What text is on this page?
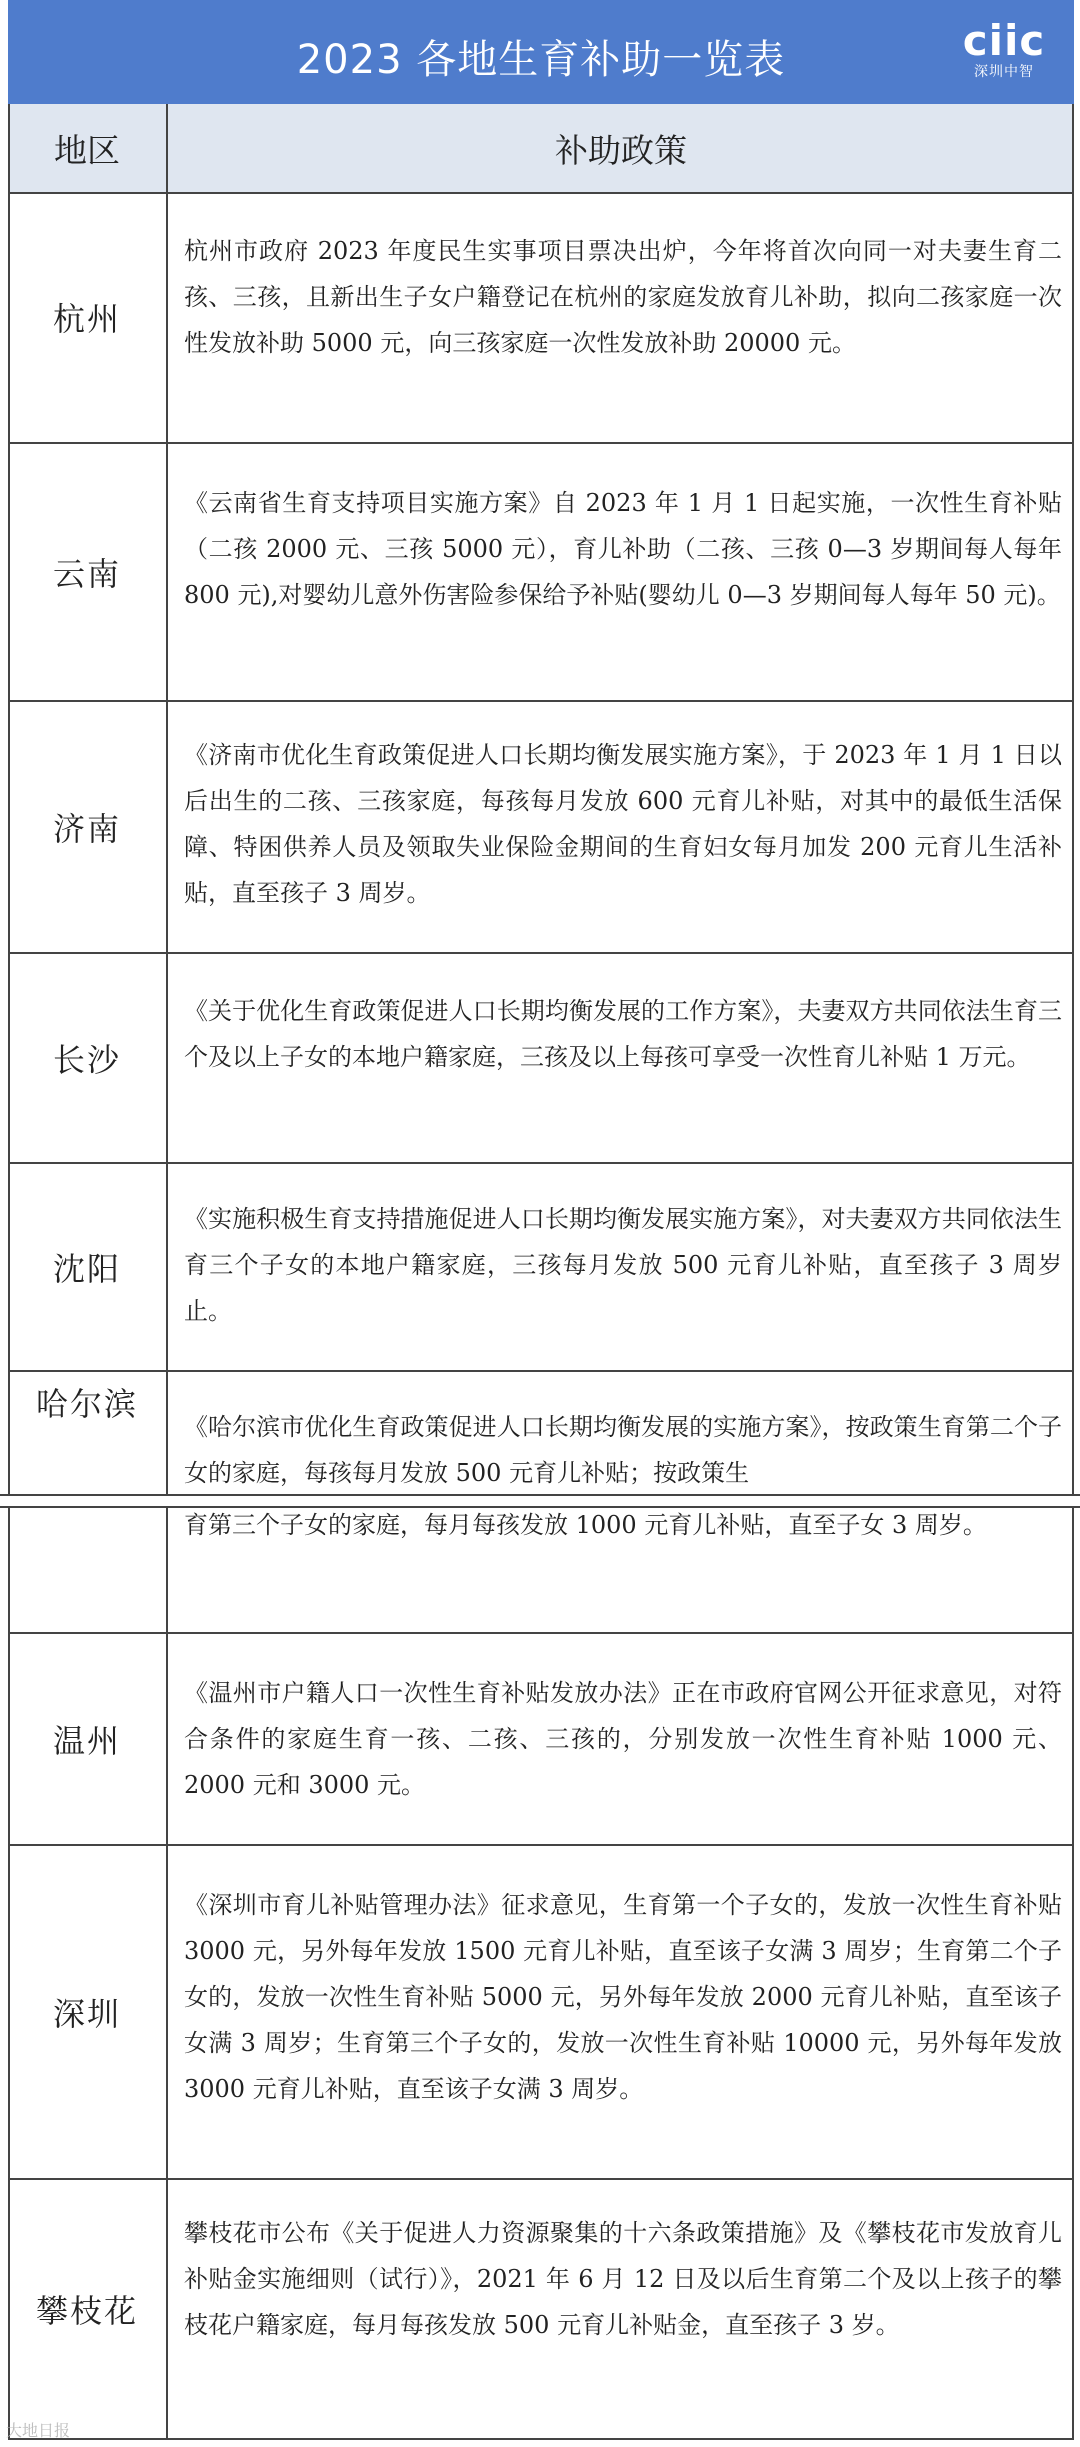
2023 各地生育补助一览表	ciic
深圳中智
地区	补助政策
杭州
杭州市政府 2023 年度民生实事项目票决出炉，今年将首次向同一对夫妻生育二孩、三孩，且新出生子女户籍登记在杭州的家庭发放育儿补助，拟向二孩家庭一次性发放补助 5000 元，向三孩家庭一次性发放补助 20000 元。
云南
《云南省生育支持项目实施方案》自 2023 年 1 月 1 日起实施，一次性生育补贴（二孩 2000 元、三孩 5000 元），育儿补助（二孩、三孩 0—3 岁期间每人每年 800 元),对婴幼儿意外伤害险参保给予补贴(婴幼儿 0—3 岁期间每人每年 50 元)。
济南
《济南市优化生育政策促进人口长期均衡发展实施方案》，于 2023 年 1 月 1 日以后出生的二孩、三孩家庭，每孩每月发放 600 元育儿补贴，对其中的最低生活保障、特困供养人员及领取失业保险金期间的生育妇女每月加发 200 元育儿生活补贴，直至孩子 3 周岁。
长沙
《关于优化生育政策促进人口长期均衡发展的工作方案》，夫妻双方共同依法生育三个及以上子女的本地户籍家庭，三孩及以上每孩可享受一次性育儿补贴 1 万元。
沈阳
《实施积极生育支持措施促进人口长期均衡发展实施方案》，对夫妻双方共同依法生育三个子女的本地户籍家庭，三孩每月发放 500 元育儿补贴，直至孩子 3 周岁止。
哈尔滨
《哈尔滨市优化生育政策促进人口长期均衡发展的实施方案》，按政策生育第二个子女的家庭，每孩每月发放 500 元育儿补贴；按政策生
育第三个子女的家庭，每月每孩发放 1000 元育儿补贴，直至子女 3 周岁。
温州
《温州市户籍人口一次性生育补贴发放办法》正在市政府官网公开征求意见，对符合条件的家庭生育一孩、二孩、三孩的，分别发放一次性生育补贴 1000 元、2000 元和 3000 元。
深圳
《深圳市育儿补贴管理办法》征求意见，生育第一个子女的，发放一次性生育补贴 3000 元，另外每年发放 1500 元育儿补贴，直至该子女满 3 周岁；生育第二个子女的，发放一次性生育补贴 5000 元，另外每年发放 2000 元育儿补贴，直至该子女满 3 周岁；生育第三个子女的，发放一次性生育补贴 10000 元，另外每年发放 3000 元育儿补贴，直至该子女满 3 周岁。
攀枝花
攀枝花市公布《关于促进人力资源聚集的十六条政策措施》及《攀枝花市发放育儿补贴金实施细则（试行）》，2021 年 6 月 12 日及以后生育第二个及以上孩子的攀枝花户籍家庭，每月每孩发放 500 元育儿补贴金，直至孩子 3 岁。
大地日报
